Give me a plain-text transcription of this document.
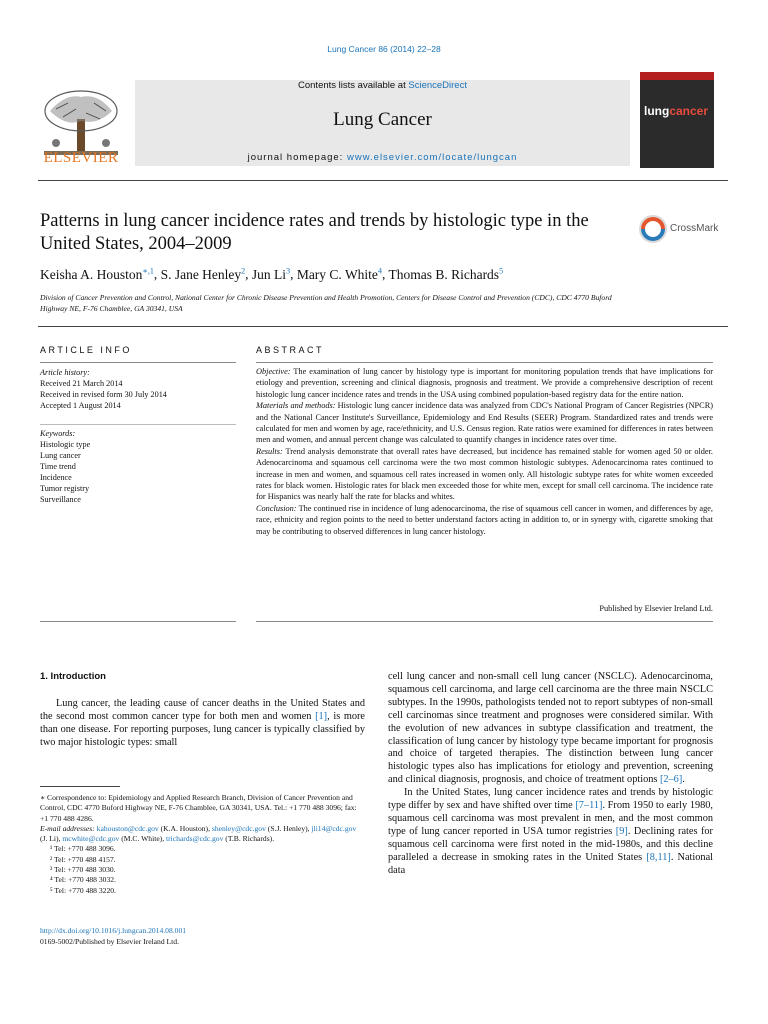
Lung Cancer 86 (2014) 22–28
Contents lists available at ScienceDirect
Lung Cancer
journal homepage: www.elsevier.com/locate/lungcan
ELSEVIER
lungcancer
Patterns in lung cancer incidence rates and trends by histologic type in the United States, 2004–2009
CrossMark
Keisha A. Houston$^{∗,1}$, S. Jane Henley$^2$, Jun Li$^3$, Mary C. White$^4$, Thomas B. Richards$^5$
Division of Cancer Prevention and Control, National Center for Chronic Disease Prevention and Health Promotion, Centers for Disease Control and Prevention (CDC), CDC 4770 Buford Highway NE, F-76 Chamblee, GA 30341, USA
ARTICLE INFO	ABSTRACT
Article history:
Received 21 March 2014
Received in revised form 30 July 2014
Accepted 1 August 2014
Keywords:
Histologic type
Lung cancer
Time trend
Incidence
Tumor registry
Surveillance

Objective: The examination of lung cancer by histology type is important for monitoring population trends that have implications for etiology and prevention, screening and clinical diagnosis, prognosis and treatment. We provide a comprehensive description of recent histologic lung cancer incidence rates and trends in the USA using combined population-based registry data for the entire nation.

Materials and methods: Histologic lung cancer incidence data was analyzed from CDC's National Program of Cancer Registries (NPCR) and the National Cancer Institute's Surveillance, Epidemiology and End Results (SEER) Program. Standardized rates and trends were calculated for men and women by age, race/ethnicity, and U.S. Census region. Rate ratios were examined for differences in rates between men and women, and annual percent change was calculated to quantify changes in incidence rates over time.

Results: Trend analysis demonstrate that overall rates have decreased, but incidence has remained stable for women aged 50 or older. Adenocarcinoma and squamous cell carcinoma were the two most common histologic subtypes. Adenocarcinoma rates continued to increase in men and women, and squamous cell rates increased in women only. All histologic subtype rates for white women exceeded rates for black women. Histologic rates for black men exceeded those for white men, except for small cell carcinoma. The incidence rate for Hispanics was nearly half the rate for blacks and whites.

Conclusion: The continued rise in incidence of lung adenocarcinoma, the rise of squamous cell cancer in women, and differences by age, race, ethnicity and region points to the need to better understand factors acting in addition to, or in synergy with, cigarette smoking that may be contributing to observed differences in lung cancer histology.

Published by Elsevier Ireland Ltd.
1. Introduction
Lung cancer, the leading cause of cancer deaths in the United States and the second most common cancer type for both men and women [1], is more than one disease. For reporting purposes, lung cancer is typically classified by two major histologic types: small

cell lung cancer and non-small cell lung cancer (NSCLC). Adenocarcinoma, squamous cell carcinoma, and large cell carcinoma are the three main NSCLC subtypes. In the 1990s, pathologists tended not to report subtypes of non-small cell carcinomas since treatment and prognoses were considered similar. With the evolution of new advances in subtype classification and treatment, the classification of lung cancer by histology type became important for prognosis and choice of targeted therapies. The distinction between lung cancer histologic types also has implications for etiology and prevention, screening and clinical diagnosis, prognosis, and choice of treatment options [2–6].

In the United States, lung cancer incidence rates and trends by histologic type differ by sex and have shifted over time [7–11]. From 1950 to early 1980, squamous cell carcinoma was most prevalent in men, and the most common type of lung cancer reported in USA tumor registries [9]. Declining rates for squamous cell carcinoma were first noted in the mid-1980s, and this decline paralleled a decrease in smoking rates in the United States [8,11]. National data

∗ Correspondence to: Epidemiology and Applied Research Branch, Division of Cancer Prevention and Control, CDC 4770 Buford Highway NE, F-76 Chamblee, GA 30341, USA. Tel.: +1 770 488 3096; fax: +1 770 488 4286.
E-mail addresses: kahouston@cdc.gov (K.A. Houston), shenley@cdc.gov (S.J. Henley), jli14@cdc.gov (J. Li), mcwhite@cdc.gov (M.C. White), trichards@cdc.gov (T.B. Richards).
¹ Tel: +770 488 3096.
² Tel: +770 488 4157.
³ Tel: +770 488 3030.
⁴ Tel: +770 488 3032.
⁵ Tel: +770 488 3220.
http://dx.doi.org/10.1016/j.lungcan.2014.08.001
0169-5002/Published by Elsevier Ireland Ltd.
